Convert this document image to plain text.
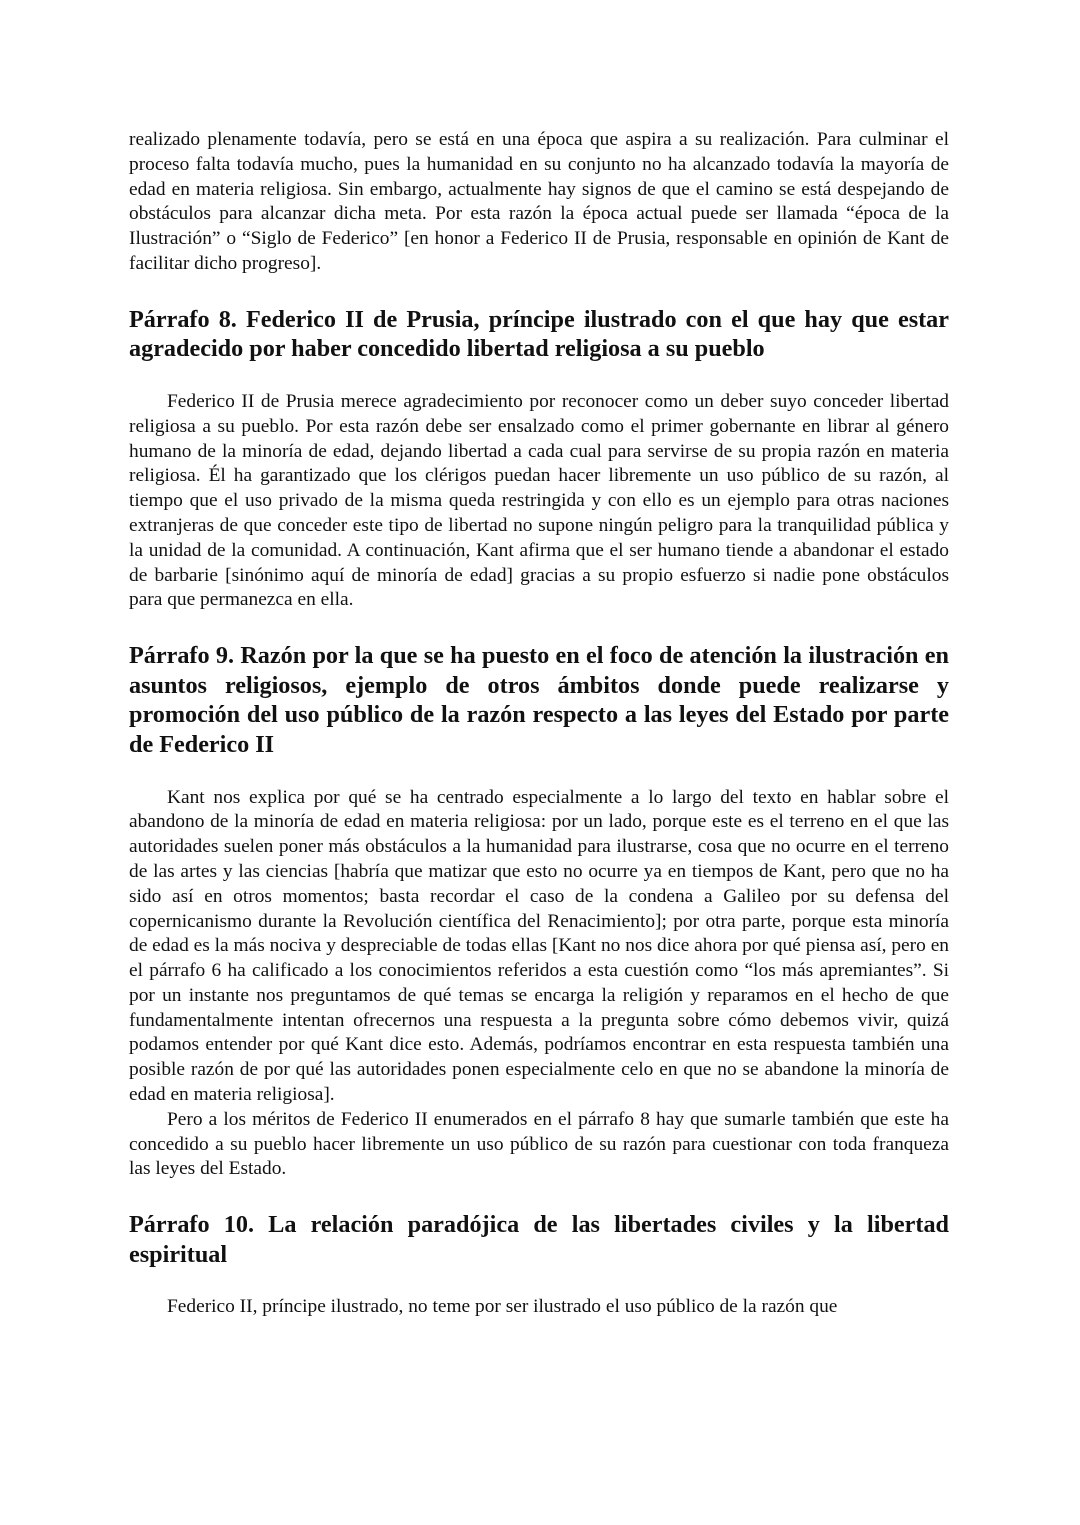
realizado plenamente todavía, pero se está en una época que aspira a su realización. Para culminar el proceso falta todavía mucho, pues la humanidad en su conjunto no ha alcanzado todavía la mayoría de edad en materia religiosa. Sin embargo, actualmente hay signos de que el camino se está despejando de obstáculos para alcanzar dicha meta. Por esta razón la época actual puede ser llamada “época de la Ilustración” o “Siglo de Federico” [en honor a Federico II de Prusia, responsable en opinión de Kant de facilitar dicho progreso].

Párrafo 8. Federico II de Prusia, príncipe ilustrado con el que hay que estar agradecido por haber concedido libertad religiosa a su pueblo

Federico II de Prusia merece agradecimiento por reconocer como un deber suyo conceder libertad religiosa a su pueblo. Por esta razón debe ser ensalzado como el primer gobernante en librar al género humano de la minoría de edad, dejando libertad a cada cual para servirse de su propia razón en materia religiosa. Él ha garantizado que los clérigos puedan hacer libremente un uso público de su razón, al tiempo que el uso privado de la misma queda restringida y con ello es un ejemplo para otras naciones extranjeras de que conceder este tipo de libertad no supone ningún peligro para la tranquilidad pública y la unidad de la comunidad. A continuación, Kant afirma que el ser humano tiende a abandonar el estado de barbarie [sinónimo aquí de minoría de edad] gracias a su propio esfuerzo si nadie pone obstáculos para que permanezca en ella.

Párrafo 9. Razón por la que se ha puesto en el foco de atención la ilustración en asuntos religiosos, ejemplo de otros ámbitos donde puede realizarse y promoción del uso público de la razón respecto a las leyes del Estado por parte de Federico II

Kant nos explica por qué se ha centrado especialmente a lo largo del texto en hablar sobre el abandono de la minoría de edad en materia religiosa: por un lado, porque este es el terreno en el que las autoridades suelen poner más obstáculos a la humanidad para ilustrarse, cosa que no ocurre en el terreno de las artes y las ciencias [habría que matizar que esto no ocurre ya en tiempos de Kant, pero que no ha sido así en otros momentos; basta recordar el caso de la condena a Galileo por su defensa del copernicanismo durante la Revolución científica del Renacimiento]; por otra parte, porque esta minoría de edad es la más nociva y despreciable de todas ellas [Kant no nos dice ahora por qué piensa así, pero en el párrafo 6 ha calificado a los conocimientos referidos a esta cuestión como “los más apremiantes”. Si por un instante nos preguntamos de qué temas se encarga la religión y reparamos en el hecho de que fundamentalmente intentan ofrecernos una respuesta a la pregunta sobre cómo debemos vivir, quizá podamos entender por qué Kant dice esto. Además, podríamos encontrar en esta respuesta también una posible razón de por qué las autoridades ponen especialmente celo en que no se abandone la minoría de edad en materia religiosa].

Pero a los méritos de Federico II enumerados en el párrafo 8 hay que sumarle también que este ha concedido a su pueblo hacer libremente un uso público de su razón para cuestionar con toda franqueza las leyes del Estado.

Párrafo 10. La relación paradójica de las libertades civiles y la libertad espiritual

Federico II, príncipe ilustrado, no teme por ser ilustrado el uso público de la razón que
